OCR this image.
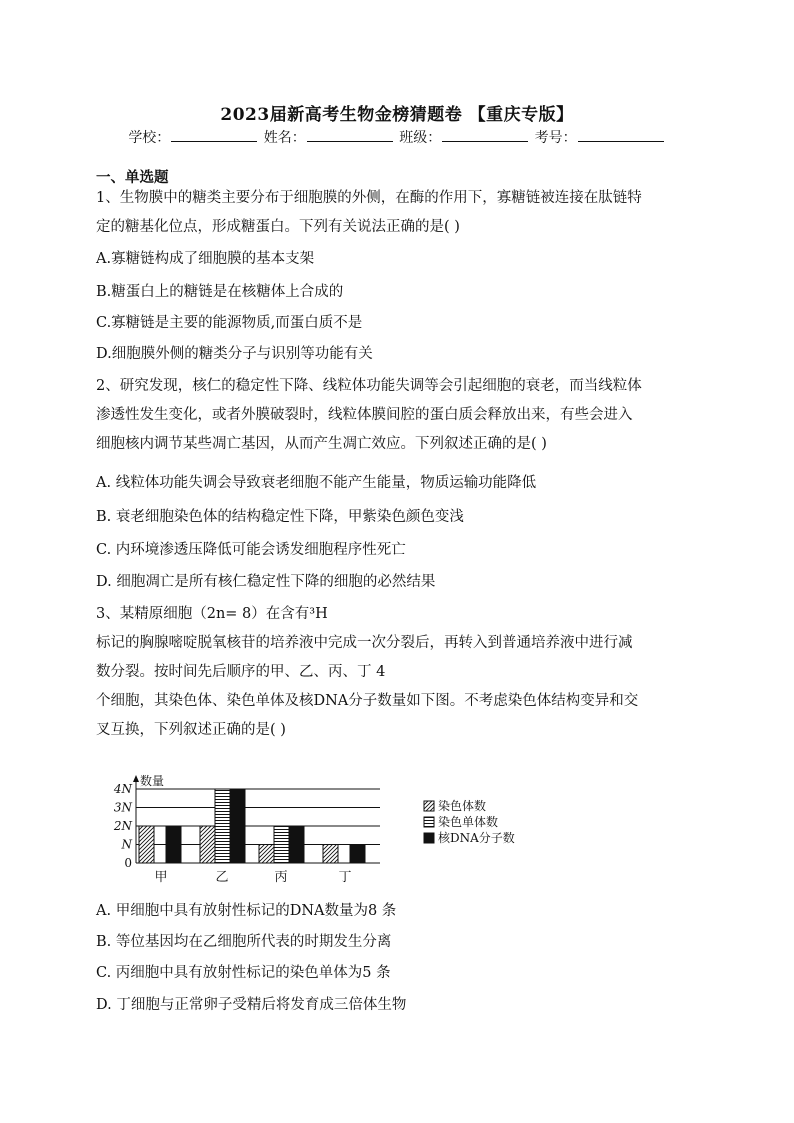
2023届新高考生物金榜猜题卷 【重庆专版】
学校：	姓名：	班级：	考号：
一、单选题

1、生物膜中的糖类主要分布于细胞膜的外侧，在酶的作用下，寡糖链被连接在肽链特

定的糖基化位点，形成糖蛋白。下列有关说法正确的是( )

A.寡糖链构成了细胞膜的基本支架
B.糖蛋白上的糖链是在核糖体上合成的
C.寡糖链是主要的能源物质,而蛋白质不是
D.细胞膜外侧的糖类分子与识别等功能有关

2、研究发现，核仁的稳定性下降、线粒体功能失调等会引起细胞的衰老，而当线粒体

渗透性发生变化，或者外膜破裂时，线粒体膜间腔的蛋白质会释放出来，有些会进入

细胞核内调节某些凋亡基因，从而产生凋亡效应。下列叙述正确的是( )

A. 线粒体功能失调会导致衰老细胞不能产生能量，物质运输功能降低
B. 衰老细胞染色体的结构稳定性下降，甲紫染色颜色变浅
C. 内环境渗透压降低可能会诱发细胞程序性死亡
D. 细胞凋亡是所有核仁稳定性下降的细胞的必然结果

3、某精原细胞（2n= 8）在含有³H

标记的胸腺嘧啶脱氧核苷的培养液中完成一次分裂后，再转入到普通培养液中进行减

数分裂。按时间先后顺序的甲、乙、丙、丁 4

个细胞，其染色体、染色单体及核DNA分子数量如下图。不考虑染色体结构变异和交

叉互换，下列叙述正确的是( )

数量
0
N
2N
3N
4N
甲	乙	丙	丁
染色体数
染色单体数
核DNA分子数
A. 甲细胞中具有放射性标记的DNA数量为8 条
B. 等位基因均在乙细胞所代表的时期发生分离
C. 丙细胞中具有放射性标记的染色单体为5 条
D. 丁细胞与正常卵子受精后将发育成三倍体生物
